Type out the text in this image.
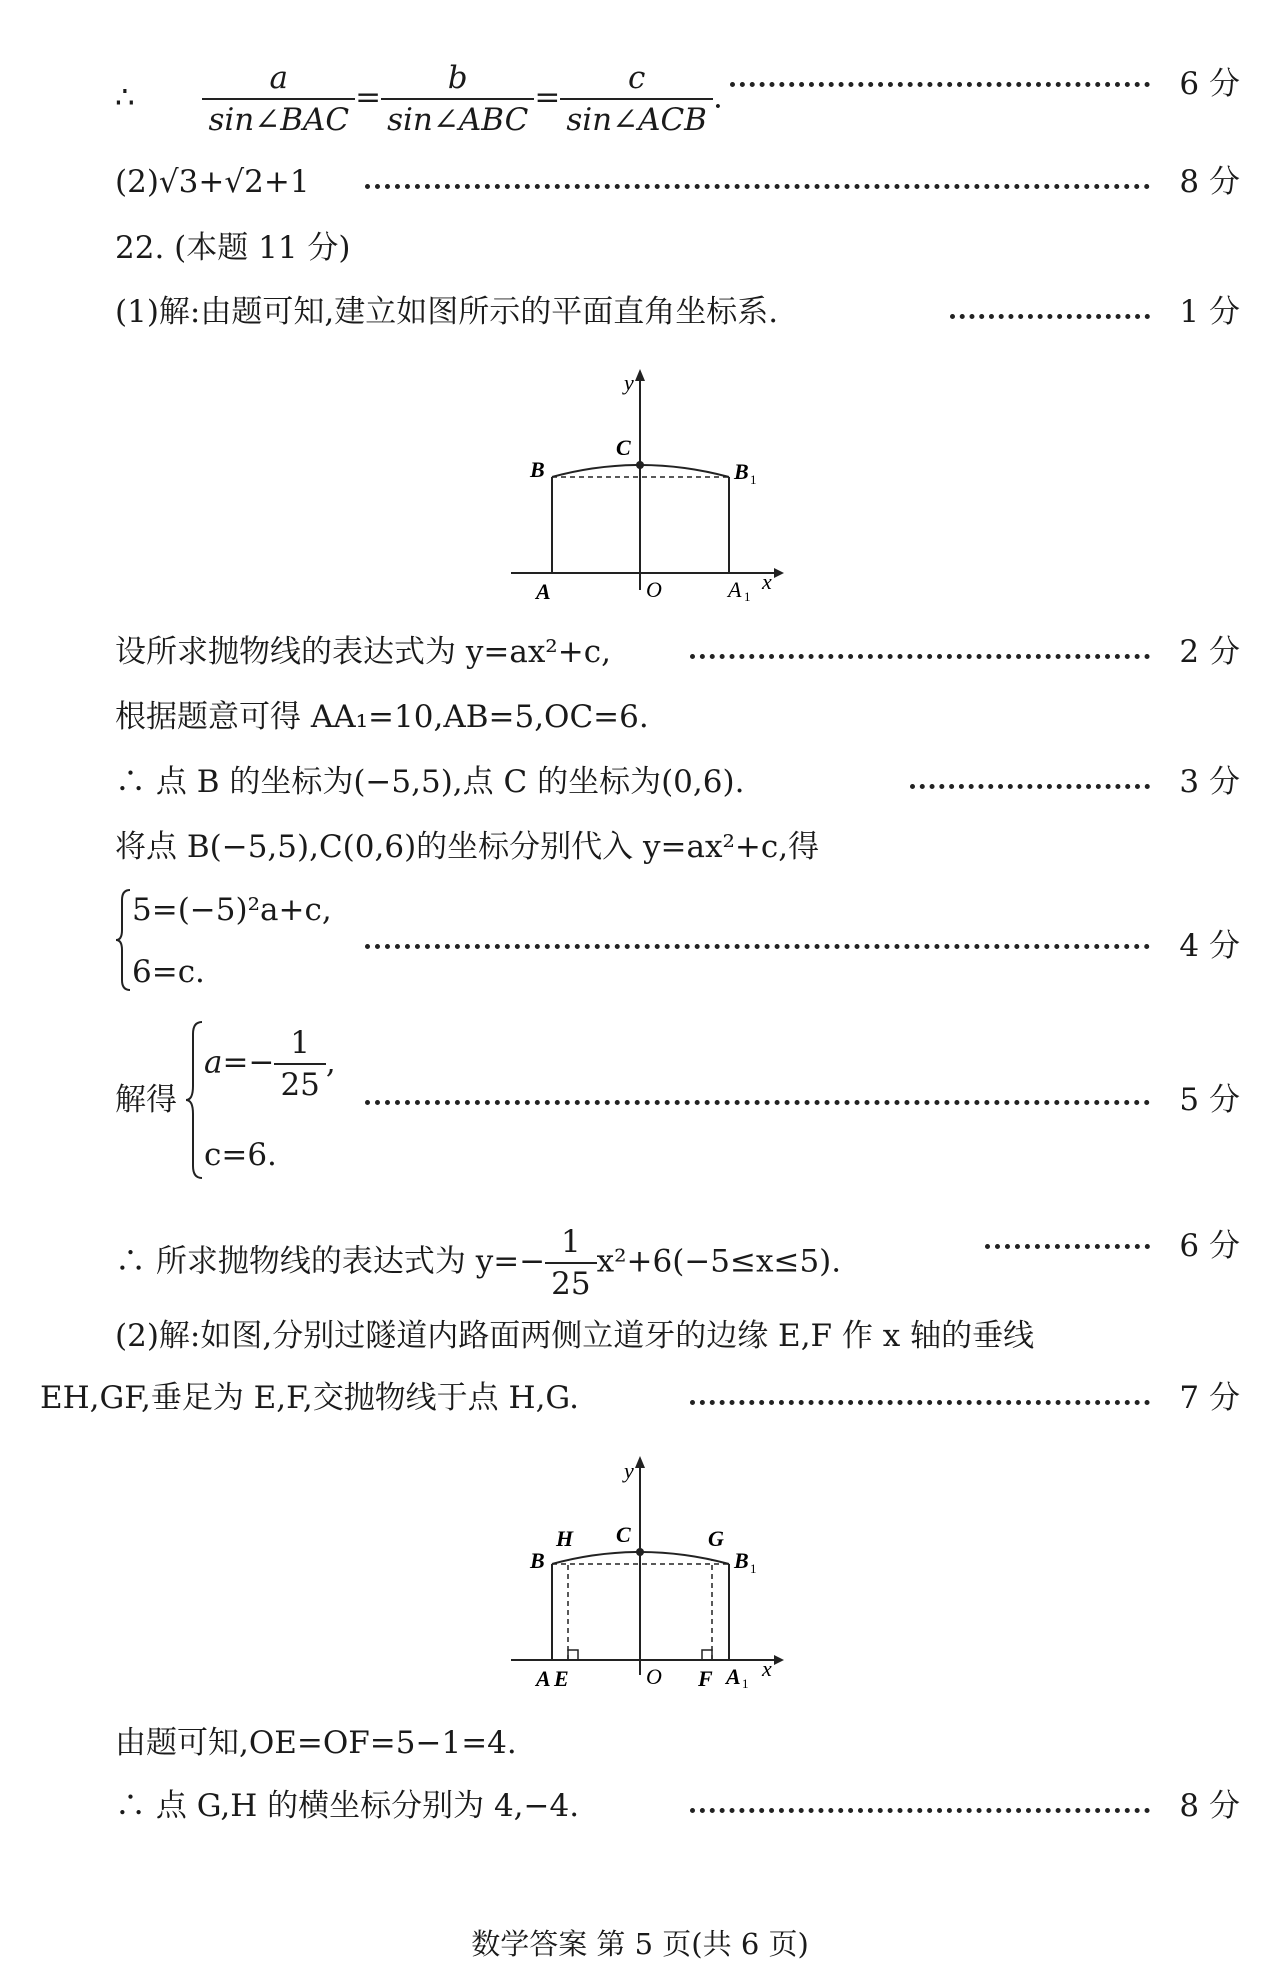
∴ $\frac{a}{\text{sin∠BAC}} = \frac{b}{\text{sin∠ABC}} = \frac{c}{\text{sin∠ACB}}$ .	6 分
(2)√3+√2+1	8 分
22. (本题 11 分)
(1)解:由题可知,建立如图所示的平面直角坐标系.	1 分
y
x
B
C
B 1
A	O	A 1
设所求抛物线的表达式为 y=ax²+c,	2 分
根据题意可得 AA₁=10,AB=5,OC=6.
∴ 点 B 的坐标为(−5,5),点 C 的坐标为(0,6).	3 分
将点 B(−5,5),C(0,6)的坐标分别代入 y=ax²+c,得
5=(−5)²a+c,
6=c.
4 分
解得
$a=- \frac{1}{25}$ ,
c=6.
5 分
∴ 所求抛物线的表达式为 $y=- \frac{1}{25} x^2+6(-5\le x\le 5)$.	6 分
(2)解:如图,分别过隧道内路面两侧立道牙的边缘 E,F 作 x 轴的垂线
EH,GF,垂足为 E,F,交抛物线于点 H,G.	7 分
y
x
B
H C	G
B 1
A E	O F A 1
由题可知,OE=OF=5−1=4.
∴ 点 G,H 的横坐标分别为 4,−4.	8 分
数学答案 第 5 页(共 6 页)
